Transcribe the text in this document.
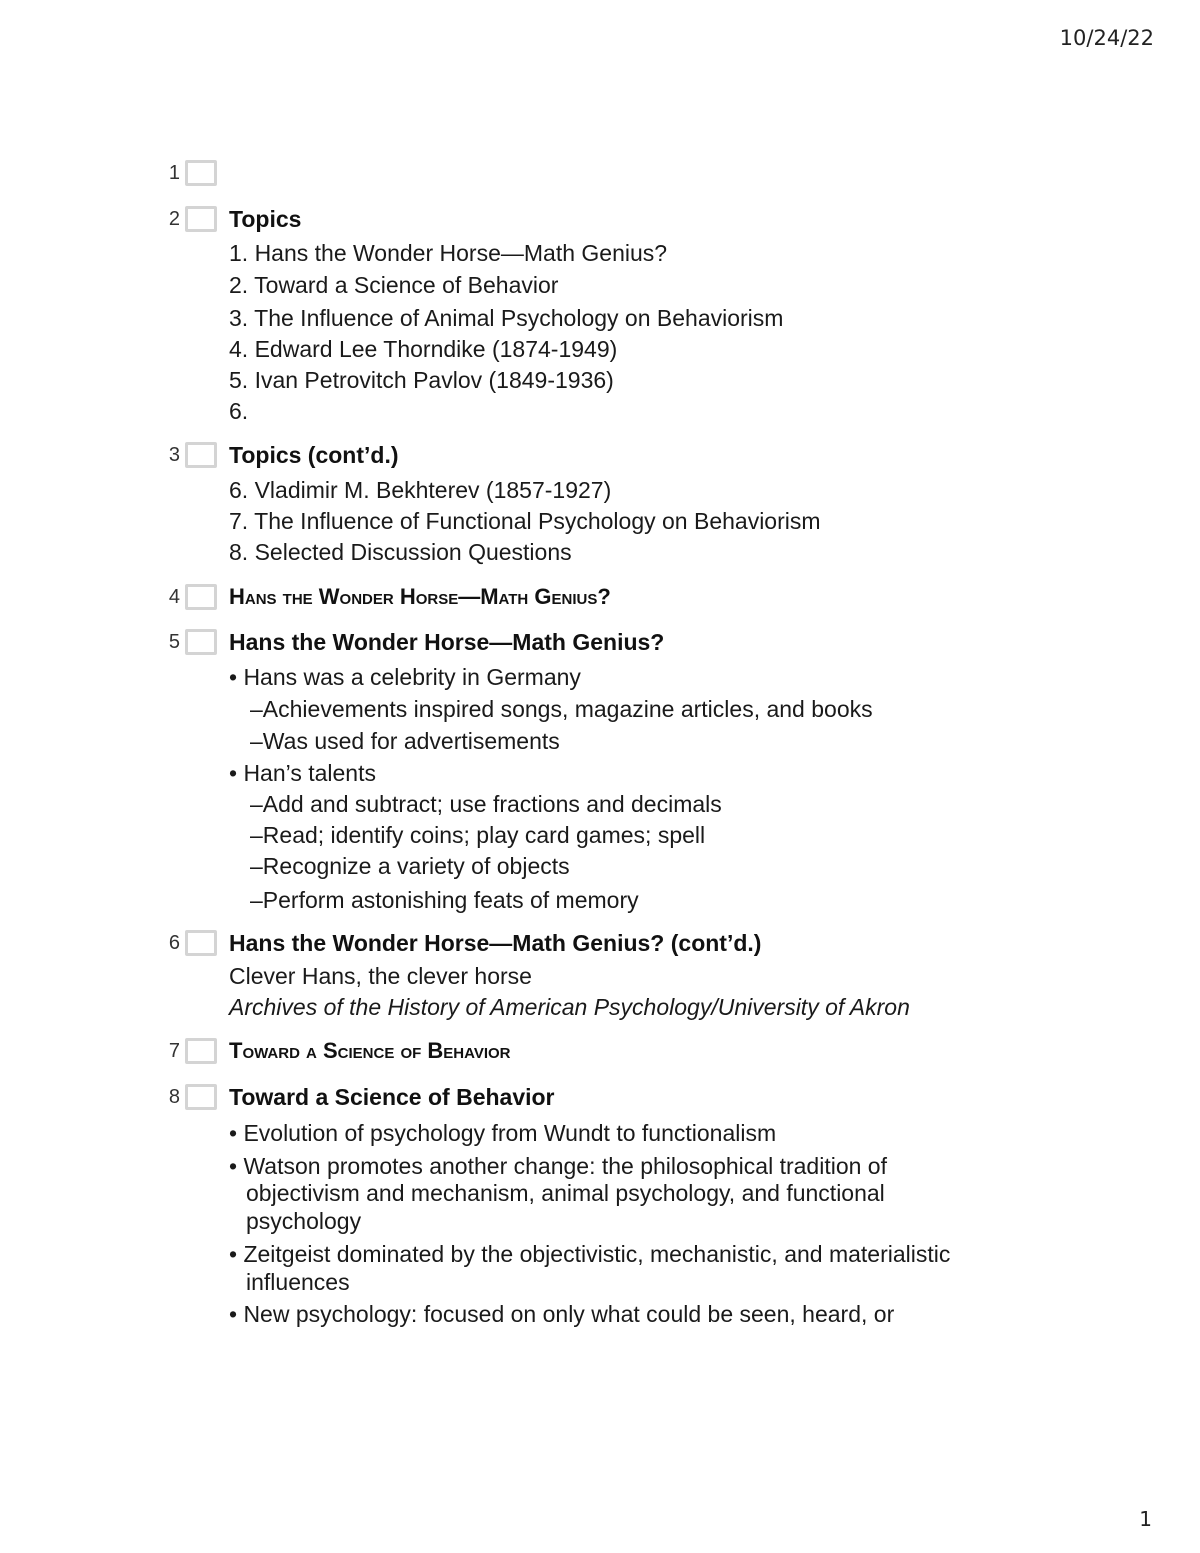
10/24/22
1
2 Topics
1. Hans the Wonder Horse—Math Genius?
2. Toward a Science of Behavior
3. The Influence of Animal Psychology on Behaviorism
4. Edward Lee Thorndike (1874-1949)
5. Ivan Petrovitch Pavlov (1849-1936)
6.
3 Topics (cont’d.)
6. Vladimir M. Bekhterev (1857-1927)
7. The Influence of Functional Psychology on Behaviorism
8. Selected Discussion Questions
4 Hans the Wonder Horse—Math Genius?
5 Hans the Wonder Horse—Math Genius?
• Hans was a celebrity in Germany
–Achievements inspired songs, magazine articles, and books
–Was used for advertisements
• Han’s talents
–Add and subtract; use fractions and decimals
–Read; identify coins; play card games; spell
–Recognize a variety of objects
–Perform astonishing feats of memory
6 Hans the Wonder Horse—Math Genius? (cont’d.)
Clever Hans, the clever horse
Archives of the History of American Psychology/University of Akron
7 Toward a Science of Behavior
8 Toward a Science of Behavior
• Evolution of psychology from Wundt to functionalism
• Watson promotes another change: the philosophical tradition of
objectivism and mechanism, animal psychology, and functional
psychology
• Zeitgeist dominated by the objectivistic, mechanistic, and materialistic
influences
• New psychology: focused on only what could be seen, heard, or
1
